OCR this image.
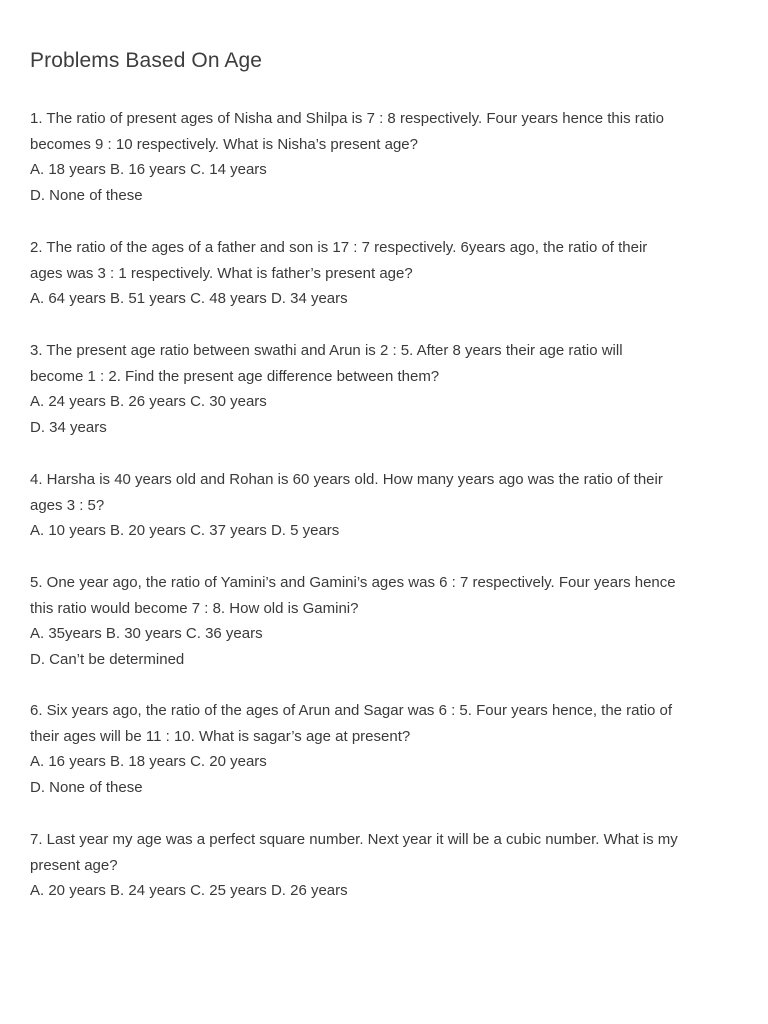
Problems Based On Age

1. The ratio of present ages of Nisha and Shilpa is 7 : 8 respectively. Four years hence this ratio

becomes 9 : 10 respectively. What is Nisha’s present age?

A. 18 years B. 16 years C. 14 years

D. None of these

2. The ratio of the ages of a father and son is 17 : 7 respectively. 6years ago, the ratio of their

ages was 3 : 1 respectively. What is father’s present age?

A. 64 years B. 51 years C. 48 years D. 34 years

3. The present age ratio between swathi and Arun is 2 : 5. After 8 years their age ratio will

become 1 : 2. Find the present age difference between them?

A. 24 years B. 26 years C. 30 years

D. 34 years

4. Harsha is 40 years old and Rohan is 60 years old. How many years ago was the ratio of their

ages 3 : 5?

A. 10 years B. 20 years C. 37 years D. 5 years

5. One year ago, the ratio of Yamini’s and Gamini’s ages was 6 : 7 respectively. Four years hence

this ratio would become 7 : 8. How old is Gamini?

A. 35years B. 30 years C. 36 years

D. Can’t be determined

6. Six years ago, the ratio of the ages of Arun and Sagar was 6 : 5. Four years hence, the ratio of

their ages will be 11 : 10. What is sagar’s age at present?

A. 16 years B. 18 years C. 20 years

D. None of these

7. Last year my age was a perfect square number. Next year it will be a cubic number. What is my

present age?

A. 20 years B. 24 years C. 25 years D. 26 years
